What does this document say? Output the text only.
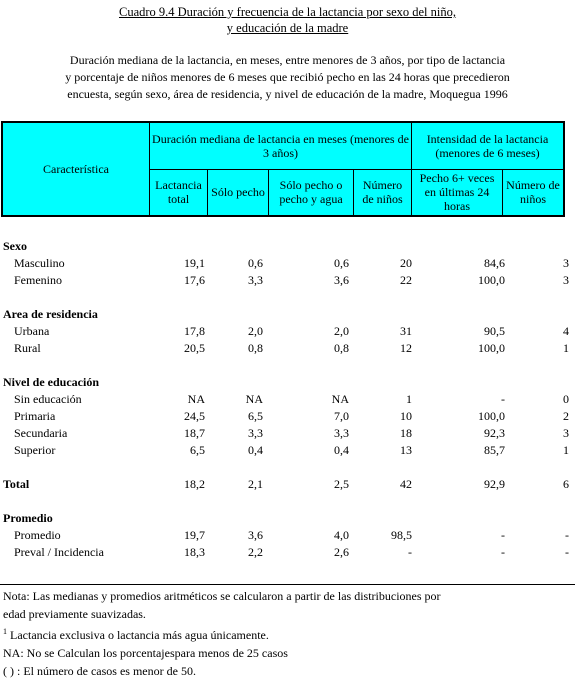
Cuadro 9.4 Duración y frecuencia de la lactancia por sexo del niño,
y educación de la madre
Duración mediana de la lactancia, en meses, entre menores de 3 años, por tipo de lactancia
y porcentaje de niños menores de 6 meses que recibió pecho en las 24 horas que precedieron
encuesta, según sexo, área de residencia, y nivel de educación de la madre, Moquegua 1996
Característica	Duración mediana de lactancia en meses (menores de 3 años)				Intensidad de la lactancia (menores de 6 meses)	
	Lactancia total	Sólo pecho	Sólo pecho o pecho y agua	Número de niños	Pecho 6+ veces en últimas 24 horas	Número de niños
Sexo
Masculino	19,1	0,6	0,6	20	84,6	3
Femenino	17,6	3,3	3,6	22	100,0	3
Area de residencia
Urbana	17,8	2,0	2,0	31	90,5	4
Rural	20,5	0,8	0,8	12	100,0	1
Nivel de educación
Sin educación	NA	NA	NA	1	-	0
Primaria	24,5	6,5	7,0	10	100,0	2
Secundaria	18,7	3,3	3,3	18	92,3	3
Superior	6,5	0,4	0,4	13	85,7	1
Total	18,2	2,1	2,5	42	92,9	6
Promedio
Promedio	19,7	3,6	4,0	98,5	-	-
Preval / Incidencia	18,3	2,2	2,6	-	-	-
Nota: Las medianas y promedios aritméticos se calcularon a partir de las distribuciones por
edad previamente suavizadas.
$^1$ Lactancia exclusiva o lactancia más agua únicamente.
NA: No se Calculan los porcentajespara menos de 25 casos
( ) : El número de casos es menor de 50.
